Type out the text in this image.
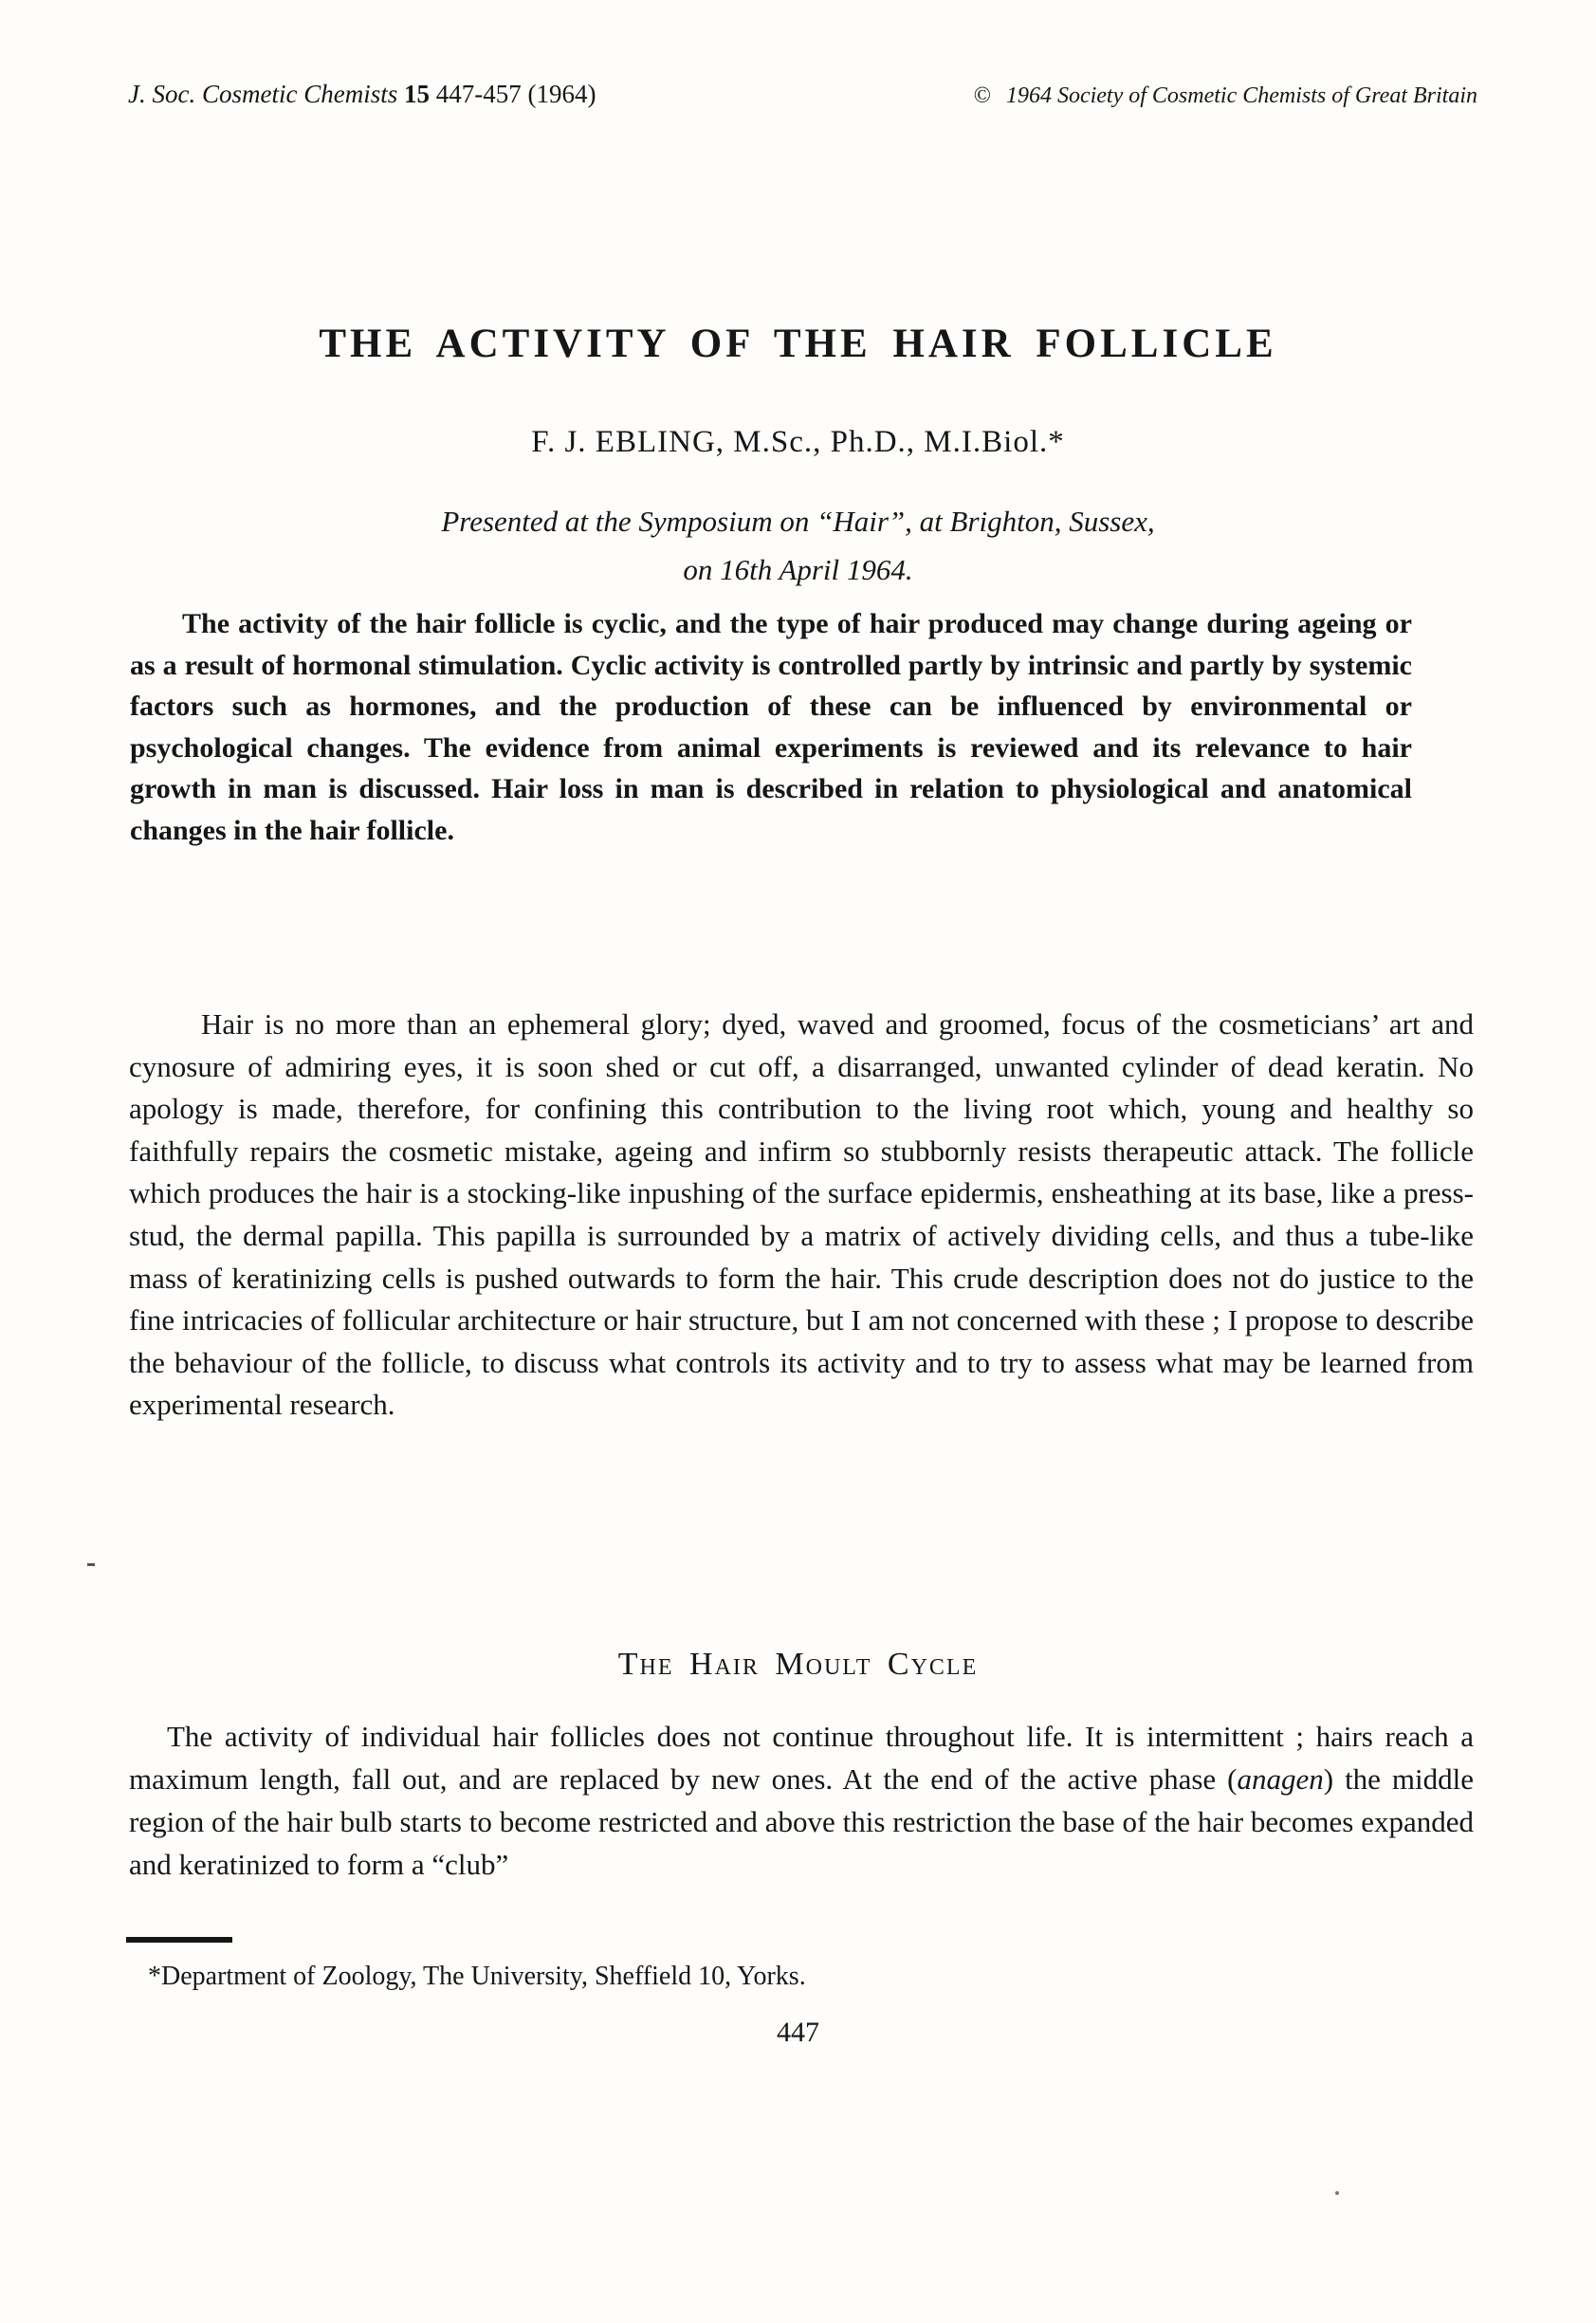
J. Soc. Cosmetic Chemists 15 447-457 (1964)	© 1964 Society of Cosmetic Chemists of Great Britain
THE ACTIVITY OF THE HAIR FOLLICLE
F. J. EBLING, M.Sc., Ph.D., M.I.Biol.*
Presented at the Symposium on “Hair”, at Brighton, Sussex,
on 16th April 1964.
The activity of the hair follicle is cyclic, and the type of hair produced may change during ageing or as a result of hormonal stimulation. Cyclic activity is controlled partly by intrinsic and partly by systemic factors such as hormones, and the production of these can be influenced by environmental or psychological changes. The evidence from animal experiments is reviewed and its relevance to hair growth in man is discussed. Hair loss in man is described in relation to physiological and anatomical changes in the hair follicle.
Hair is no more than an ephemeral glory; dyed, waved and groomed, focus of the cosmeticians’ art and cynosure of admiring eyes, it is soon shed or cut off, a disarranged, unwanted cylinder of dead keratin. No apology is made, therefore, for confining this contribution to the living root which, young and healthy so faithfully repairs the cosmetic mistake, ageing and infirm so stubbornly resists therapeutic attack. The follicle which produces the hair is a stocking-like inpushing of the surface epidermis, ensheathing at its base, like a press-stud, the dermal papilla. This papilla is surrounded by a matrix of actively dividing cells, and thus a tube-like mass of keratinizing cells is pushed outwards to form the hair. This crude description does not do justice to the fine intricacies of follicular architecture or hair structure, but I am not concerned with these ; I propose to describe the behaviour of the follicle, to discuss what controls its activity and to try to assess what may be learned from experimental research.
The Hair Moult Cycle
The activity of individual hair follicles does not continue throughout life. It is intermittent ; hairs reach a maximum length, fall out, and are replaced by new ones. At the end of the active phase (anagen) the middle region of the hair bulb starts to become restricted and above this restriction the base of the hair becomes expanded and keratinized to form a “club”
*Department of Zoology, The University, Sheffield 10, Yorks.
447
